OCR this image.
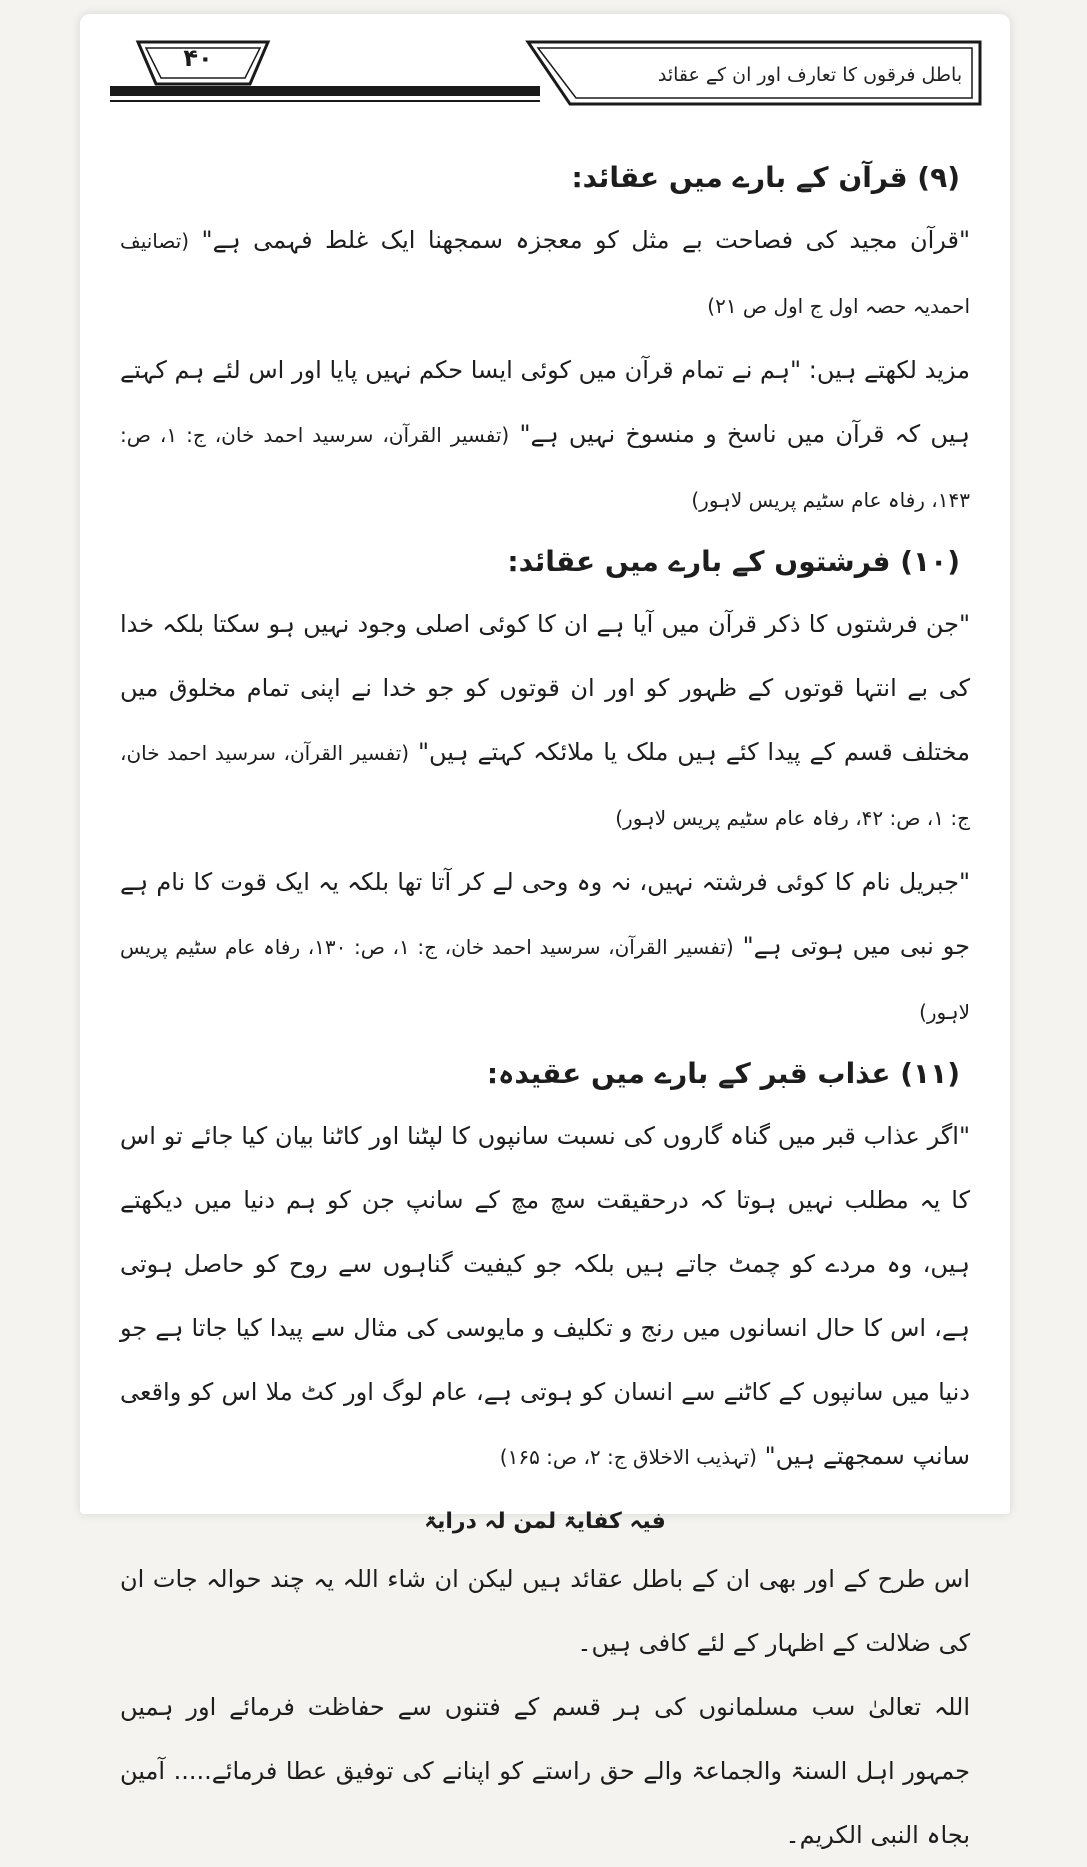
۴۰
باطل فرقوں کا تعارف اور ان کے عقائد
(۹) قرآن کے بارے میں عقائد:

"قرآن مجید کی فصاحت بے مثل کو معجزہ سمجھنا ایک غلط فہمی ہے" (تصانیف احمدیہ حصہ اول ج اول ص ۲۱)

مزید لکھتے ہیں: "ہم نے تمام قرآن میں کوئی ایسا حکم نہیں پایا اور اس لئے ہم کہتے ہیں کہ قرآن میں ناسخ و منسوخ نہیں ہے" (تفسیر القرآن، سرسید احمد خان، ج: ۱، ص: ۱۴۳، رفاہ عام سٹیم پریس لاہور)

(۱۰) فرشتوں کے بارے میں عقائد:

"جن فرشتوں کا ذکر قرآن میں آیا ہے ان کا کوئی اصلی وجود نہیں ہو سکتا بلکہ خدا کی بے انتہا قوتوں کے ظہور کو اور ان قوتوں کو جو خدا نے اپنی تمام مخلوق میں مختلف قسم کے پیدا کئے ہیں ملک یا ملائکہ کہتے ہیں" (تفسیر القرآن، سرسید احمد خان، ج: ۱، ص: ۴۲، رفاہ عام سٹیم پریس لاہور)

"جبریل نام کا کوئی فرشتہ نہیں، نہ وہ وحی لے کر آتا تھا بلکہ یہ ایک قوت کا نام ہے جو نبی میں ہوتی ہے" (تفسیر القرآن، سرسید احمد خان، ج: ۱، ص: ۱۳۰، رفاہ عام سٹیم پریس لاہور)

(۱۱) عذاب قبر کے بارے میں عقیدہ:

"اگر عذاب قبر میں گناہ گاروں کی نسبت سانپوں کا لپٹنا اور کاٹنا بیان کیا جائے تو اس کا یہ مطلب نہیں ہوتا کہ درحقیقت سچ مچ کے سانپ جن کو ہم دنیا میں دیکھتے ہیں، وہ مردے کو چمٹ جاتے ہیں بلکہ جو کیفیت گناہوں سے روح کو حاصل ہوتی ہے، اس کا حال انسانوں میں رنج و تکلیف و مایوسی کی مثال سے پیدا کیا جاتا ہے جو دنیا میں سانپوں کے کاٹنے سے انسان کو ہوتی ہے، عام لوگ اور کٹ ملا اس کو واقعی سانپ سمجھتے ہیں" (تہذیب الاخلاق ج: ۲، ص: ۱۶۵)

فیہ کفایۃ لمن لہ درایۃ

اس طرح کے اور بھی ان کے باطل عقائد ہیں لیکن ان شاء اللہ یہ چند حوالہ جات ان کی ضلالت کے اظہار کے لئے کافی ہیں۔

اللہ تعالیٰ سب مسلمانوں کی ہر قسم کے فتنوں سے حفاظت فرمائے اور ہمیں جمہور اہل السنۃ والجماعۃ والے حق راستے کو اپنانے کی توفیق عطا فرمائے..... آمین بجاہ النبی الکریم۔
